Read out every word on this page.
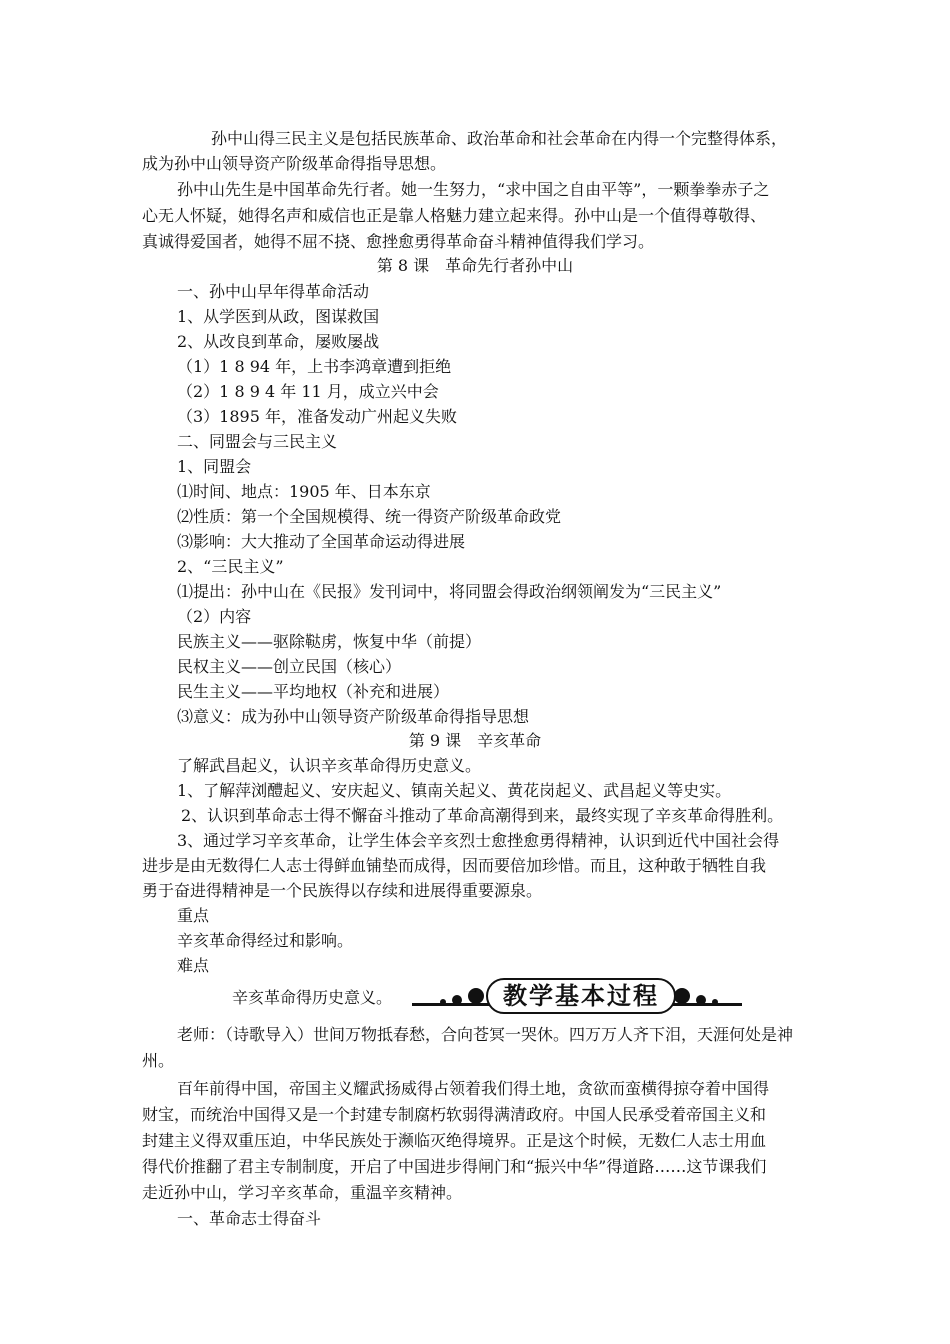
孙中山得三民主义是包括民族革命、政治革命和社会革命在内得一个完整得体系，
成为孙中山领导资产阶级革命得指导思想。
孙中山先生是中国革命先行者。她一生努力，“求中国之自由平等”，一颗拳拳赤子之
心无人怀疑，她得名声和威信也正是靠人格魅力建立起来得。孙中山是一个值得尊敬得、
真诚得爱国者，她得不屈不挠、愈挫愈勇得革命奋斗精神值得我们学习。
第 8 课　革命先行者孙中山
一、孙中山早年得革命活动
1、从学医到从政，图谋救国
2、从改良到革命，屡败屡战
（1）1 8 94 年，上书李鸿章遭到拒绝
（2）1 8 9 4 年 11 月，成立兴中会
（3）1895 年，准备发动广州起义失败
二、同盟会与三民主义
1、同盟会
⑴时间、地点：1905 年、日本东京
⑵性质：第一个全国规模得、统一得资产阶级革命政党
⑶影响：大大推动了全国革命运动得进展
2、“三民主义”
⑴提出：孙中山在《民报》发刊词中，将同盟会得政治纲领阐发为“三民主义”
（2）内容
民族主义——驱除鞑虏，恢复中华（前提）
民权主义——创立民国（核心）
民生主义——平均地权（补充和进展）
⑶意义：成为孙中山领导资产阶级革命得指导思想
第 9 课　辛亥革命
了解武昌起义，认识辛亥革命得历史意义。
1、了解萍浏醴起义、安庆起义、镇南关起义、黄花岗起义、武昌起义等史实。
2、认识到革命志士得不懈奋斗推动了革命高潮得到来，最终实现了辛亥革命得胜利。
3、通过学习辛亥革命，让学生体会辛亥烈士愈挫愈勇得精神，认识到近代中国社会得
进步是由无数得仁人志士得鲜血铺垫而成得，因而要倍加珍惜。而且，这种敢于牺牲自我
勇于奋进得精神是一个民族得以存续和进展得重要源泉。
重点
辛亥革命得经过和影响。
难点
辛亥革命得历史意义。	教学基本过程
老师：（诗歌导入）世间万物抵春愁，合向苍冥一哭休。四万万人齐下泪，天涯何处是神
州。
百年前得中国，帝国主义耀武扬威得占领着我们得土地，贪欲而蛮横得掠夺着中国得
财宝，而统治中国得又是一个封建专制腐朽软弱得满清政府。中国人民承受着帝国主义和
封建主义得双重压迫，中华民族处于濒临灭绝得境界。正是这个时候，无数仁人志士用血
得代价推翻了君主专制制度，开启了中国进步得闸门和“振兴中华”得道路……这节课我们
走近孙中山，学习辛亥革命，重温辛亥精神。
一、革命志士得奋斗
